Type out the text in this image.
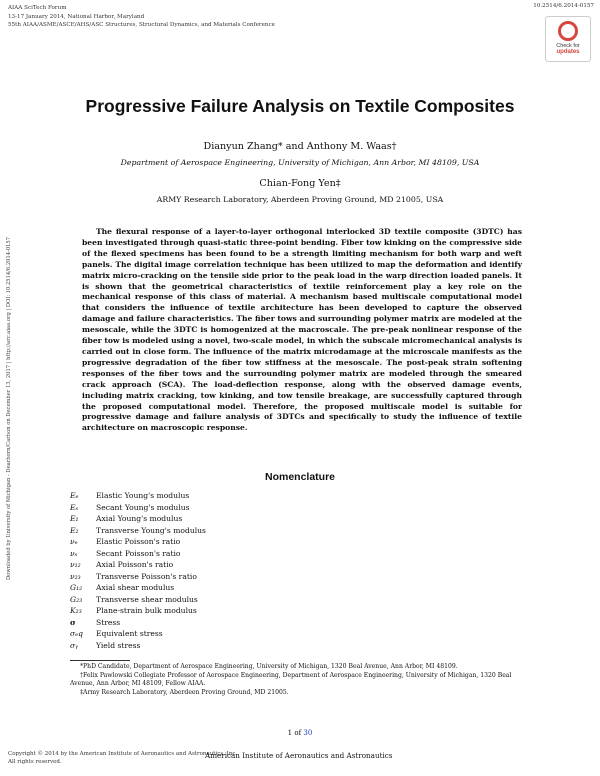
AIAA SciTech Forum
13-17 January 2014, National Harbor, Maryland
55th AIAA/ASME/ASCE/AHS/ASC Structures, Structural Dynamics, and Materials Conference
10.2514/6.2014-0157
Check for
updates
Downloaded by University of Michigan - Dearborn/Carbon on December 13, 2017 | http://arc.aiaa.org | DOI: 10.2514/6.2014-0157
Progressive Failure Analysis on Textile Composites
Dianyun Zhang* and Anthony M. Waas†
Department of Aerospace Engineering, University of Michigan, Ann Arbor, MI 48109, USA
Chian-Fong Yen‡
ARMY Research Laboratory, Aberdeen Proving Ground, MD 21005, USA
The flexural response of a layer-to-layer orthogonal interlocked 3D textile composite (3DTC) has been investigated through quasi-static three-point bending. Fiber tow kinking on the compressive side of the flexed specimens has been found to be a strength limiting mechanism for both warp and weft panels. The digital image correlation technique has been utilized to map the deformation and identify matrix micro-cracking on the tensile side prior to the peak load in the warp direction loaded panels. It is shown that the geometrical characteristics of textile reinforcement play a key role on the mechanical response of this class of material. A mechanism based multiscale computational model that considers the influence of textile architecture has been developed to capture the observed damage and failure characteristics. The fiber tows and surrounding polymer matrix are modeled at the mesoscale, while the 3DTC is homogenized at the macroscale. The pre-peak nonlinear response of the fiber tow is modeled using a novel, two-scale model, in which the subscale micromechanical analysis is carried out in close form. The influence of the matrix microdamage at the microscale manifests as the progressive degradation of the fiber tow stiffness at the mesoscale. The post-peak strain softening responses of the fiber tows and the surrounding polymer matrix are modeled through the smeared crack approach (SCA). The load-deflection response, along with the observed damage events, including matrix cracking, tow kinking, and tow tensile breakage, are successfully captured through the proposed computational model. Therefore, the proposed multiscale model is suitable for progressive damage and failure analysis of 3DTCs and specifically to study the influence of textile architecture on macroscopic response.
Nomenclature
Eₑ Elastic Young's modulus
Eₛ Secant Young's modulus
E₁ Axial Young's modulus
E₂ Transverse Young's modulus
νₑ Elastic Poisson's ratio
νₛ Secant Poisson's ratio
ν₁₂ Axial Poisson's ratio
ν₂₃ Transverse Poisson's ratio
G₁₂ Axial shear modulus
G₂₃ Transverse shear modulus
K₂₃ Plane-strain bulk modulus
σ	Stress
σₑq Equivalent stress
σᵧ Yield stress
*PhD Candidate, Department of Aerospace Engineering, University of Michigan, 1320 Beal Avenue, Ann Arbor, MI 48109.
†Felix Pawlowski Collegiate Professor of Aerospace Engineering, Department of Aerospace Engineering, University of Michigan, 1320 Beal Avenue, Ann Arbor, MI 48109, Fellow AIAA.
‡Army Research Laboratory, Aberdeen Proving Ground, MD 21005.
1 of 30
Copyright © 2014 by the American Institute of Aeronautics and Astronautics, Inc. All rights reserved.
American Institute of Aeronautics and Astronautics
